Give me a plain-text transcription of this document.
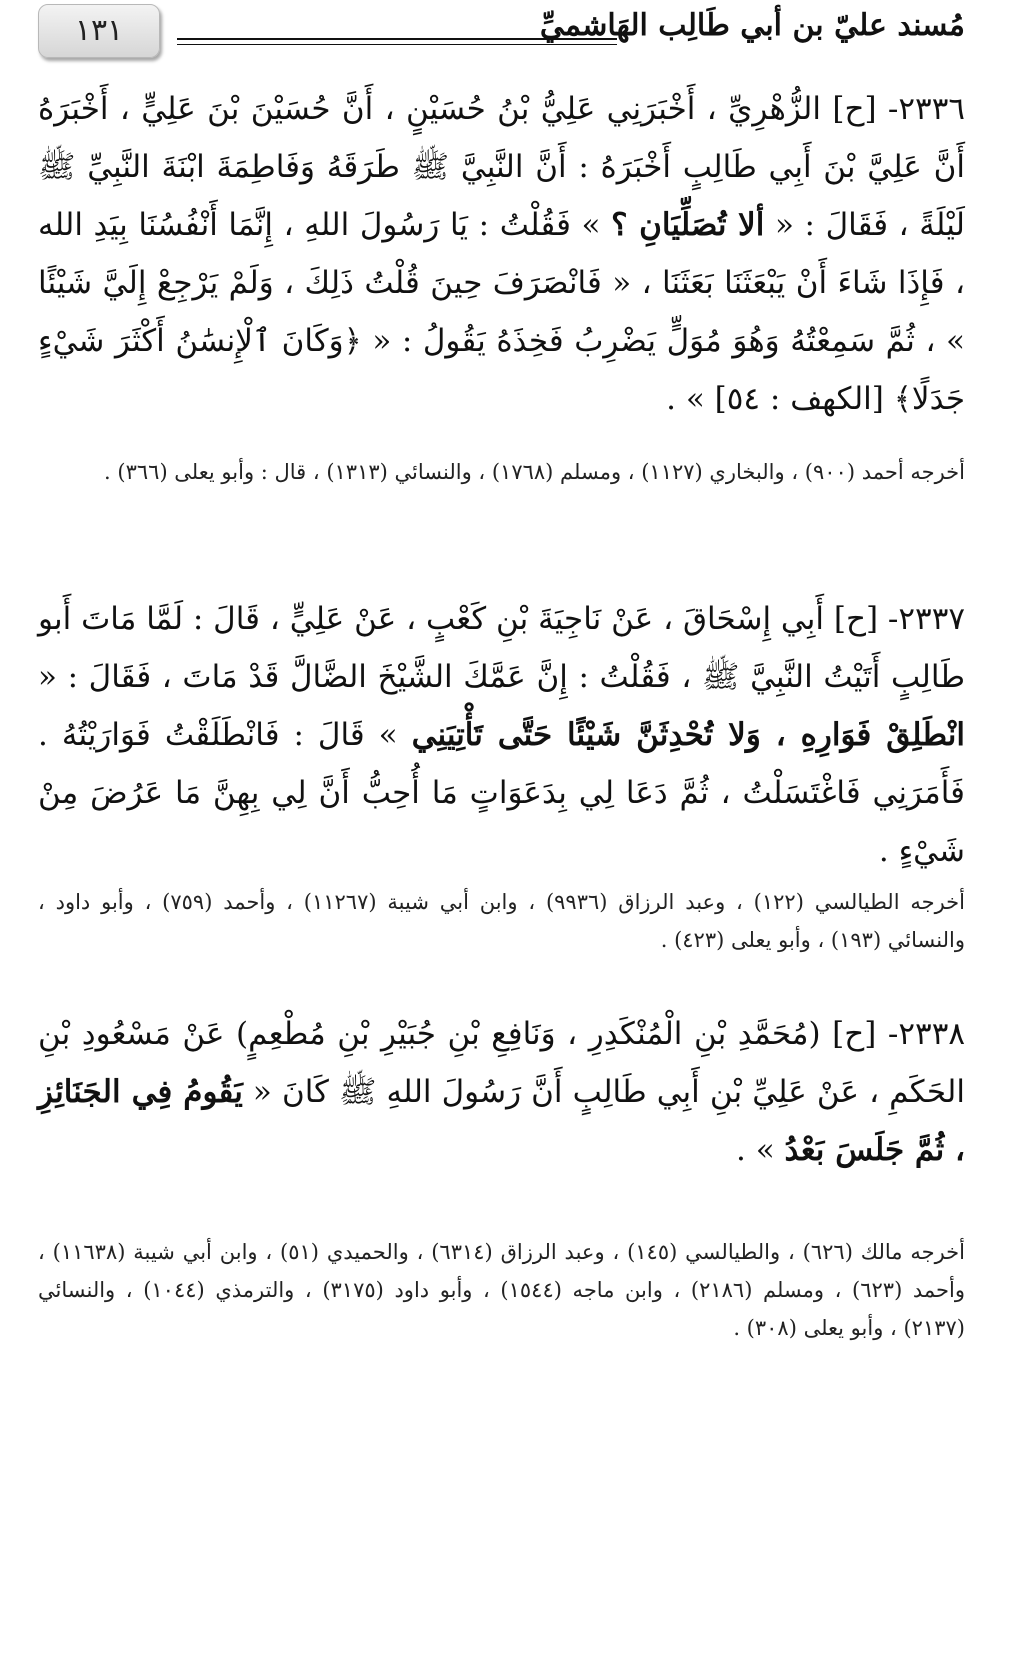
١٣١	مُسند عليّ بن أبي طَالِب الهَاشميِّ

٢٣٣٦- [ح] الزُّهْرِيِّ ، أَخْبَرَنِي عَلِيُّ بْنُ حُسَيْنٍ ، أَنَّ حُسَيْنَ بْنَ عَلِيٍّ ، أَخْبَرَهُ أَنَّ عَلِيَّ بْنَ أَبِي طَالِبٍ أَخْبَرَهُ : أَنَّ النَّبِيَّ ﷺ طَرَقَهُ وَفَاطِمَةَ ابْنَةَ النَّبِيِّ ﷺ لَيْلَةً ، فَقَالَ : « ألا تُصَلِّيَانِ ؟ » فَقُلْتُ : يَا رَسُولَ اللهِ ، إِنَّمَا أَنْفُسُنَا بِيَدِ الله ، فَإِذَا شَاءَ أَنْ يَبْعَثَنَا بَعَثَنَا ، « فَانْصَرَفَ حِينَ قُلْتُ ذَلِكَ ، وَلَمْ يَرْجِعْ إِلَيَّ شَيْئًا » ، ثُمَّ سَمِعْتُهُ وَهُوَ مُوَلٍّ يَضْرِبُ فَخِذَهُ يَقُولُ : « ﴿وَكَانَ ٱلْإِنسَٰنُ أَكْثَرَ شَيْءٍ جَدَلًا﴾ [الكهف : ٥٤] » .

أخرجه أحمد (٩٠٠) ، والبخاري (١١٢٧) ، ومسلم (١٧٦٨) ، والنسائي (١٣١٣) ، قال : وأبو يعلى (٣٦٦) .

٢٣٣٧- [ح] أَبِي إِسْحَاقَ ، عَنْ نَاجِيَةَ بْنِ كَعْبٍ ، عَنْ عَلِيٍّ ، قَالَ : لَمَّا مَاتَ أَبو طَالِبٍ أَتَيْتُ النَّبِيَّ ﷺ ، فَقُلْتُ : إِنَّ عَمَّكَ الشَّيْخَ الضَّالَّ قَدْ مَاتَ ، فَقَالَ : « انْطَلِقْ فَوَارِهِ ، وَلا تُحْدِثَنَّ شَيْئًا حَتَّى تَأْتِيَنِي » قَالَ : فَانْطَلَقْتُ فَوَارَيْتُهُ . فَأَمَرَنِي فَاغْتَسَلْتُ ، ثُمَّ دَعَا لِي بِدَعَوَاتٍ مَا أُحِبُّ أَنَّ لِي بِهِنَّ مَا عَرُضَ مِنْ شَيْءٍ .

أخرجه الطيالسي (١٢٢) ، وعبد الرزاق (٩٩٣٦) ، وابن أبي شيبة (١١٢٦٧) ، وأحمد (٧٥٩) ، وأبو داود ، والنسائي (١٩٣) ، وأبو يعلى (٤٢٣) .

٢٣٣٨- [ح] (مُحَمَّدِ بْنِ الْمُنْكَدِرِ ، وَنَافِعِ بْنِ جُبَيْرِ بْنِ مُطْعِمٍ) عَنْ مَسْعُودِ بْنِ الحَكَمِ ، عَنْ عَلِيِّ بْنِ أَبِي طَالِبٍ أَنَّ رَسُولَ اللهِ ﷺ كَانَ « يَقُومُ فِي الجَنَائِزِ ، ثُمَّ جَلَسَ بَعْدُ » .

أخرجه مالك (٦٢٦) ، والطيالسي (١٤٥) ، وعبد الرزاق (٦٣١٤) ، والحميدي (٥١) ، وابن أبي شيبة (١١٦٣٨) ، وأحمد (٦٢٣) ، ومسلم (٢١٨٦) ، وابن ماجه (١٥٤٤) ، وأبو داود (٣١٧٥) ، والترمذي (١٠٤٤) ، والنسائي (٢١٣٧) ، وأبو يعلى (٣٠٨) .
